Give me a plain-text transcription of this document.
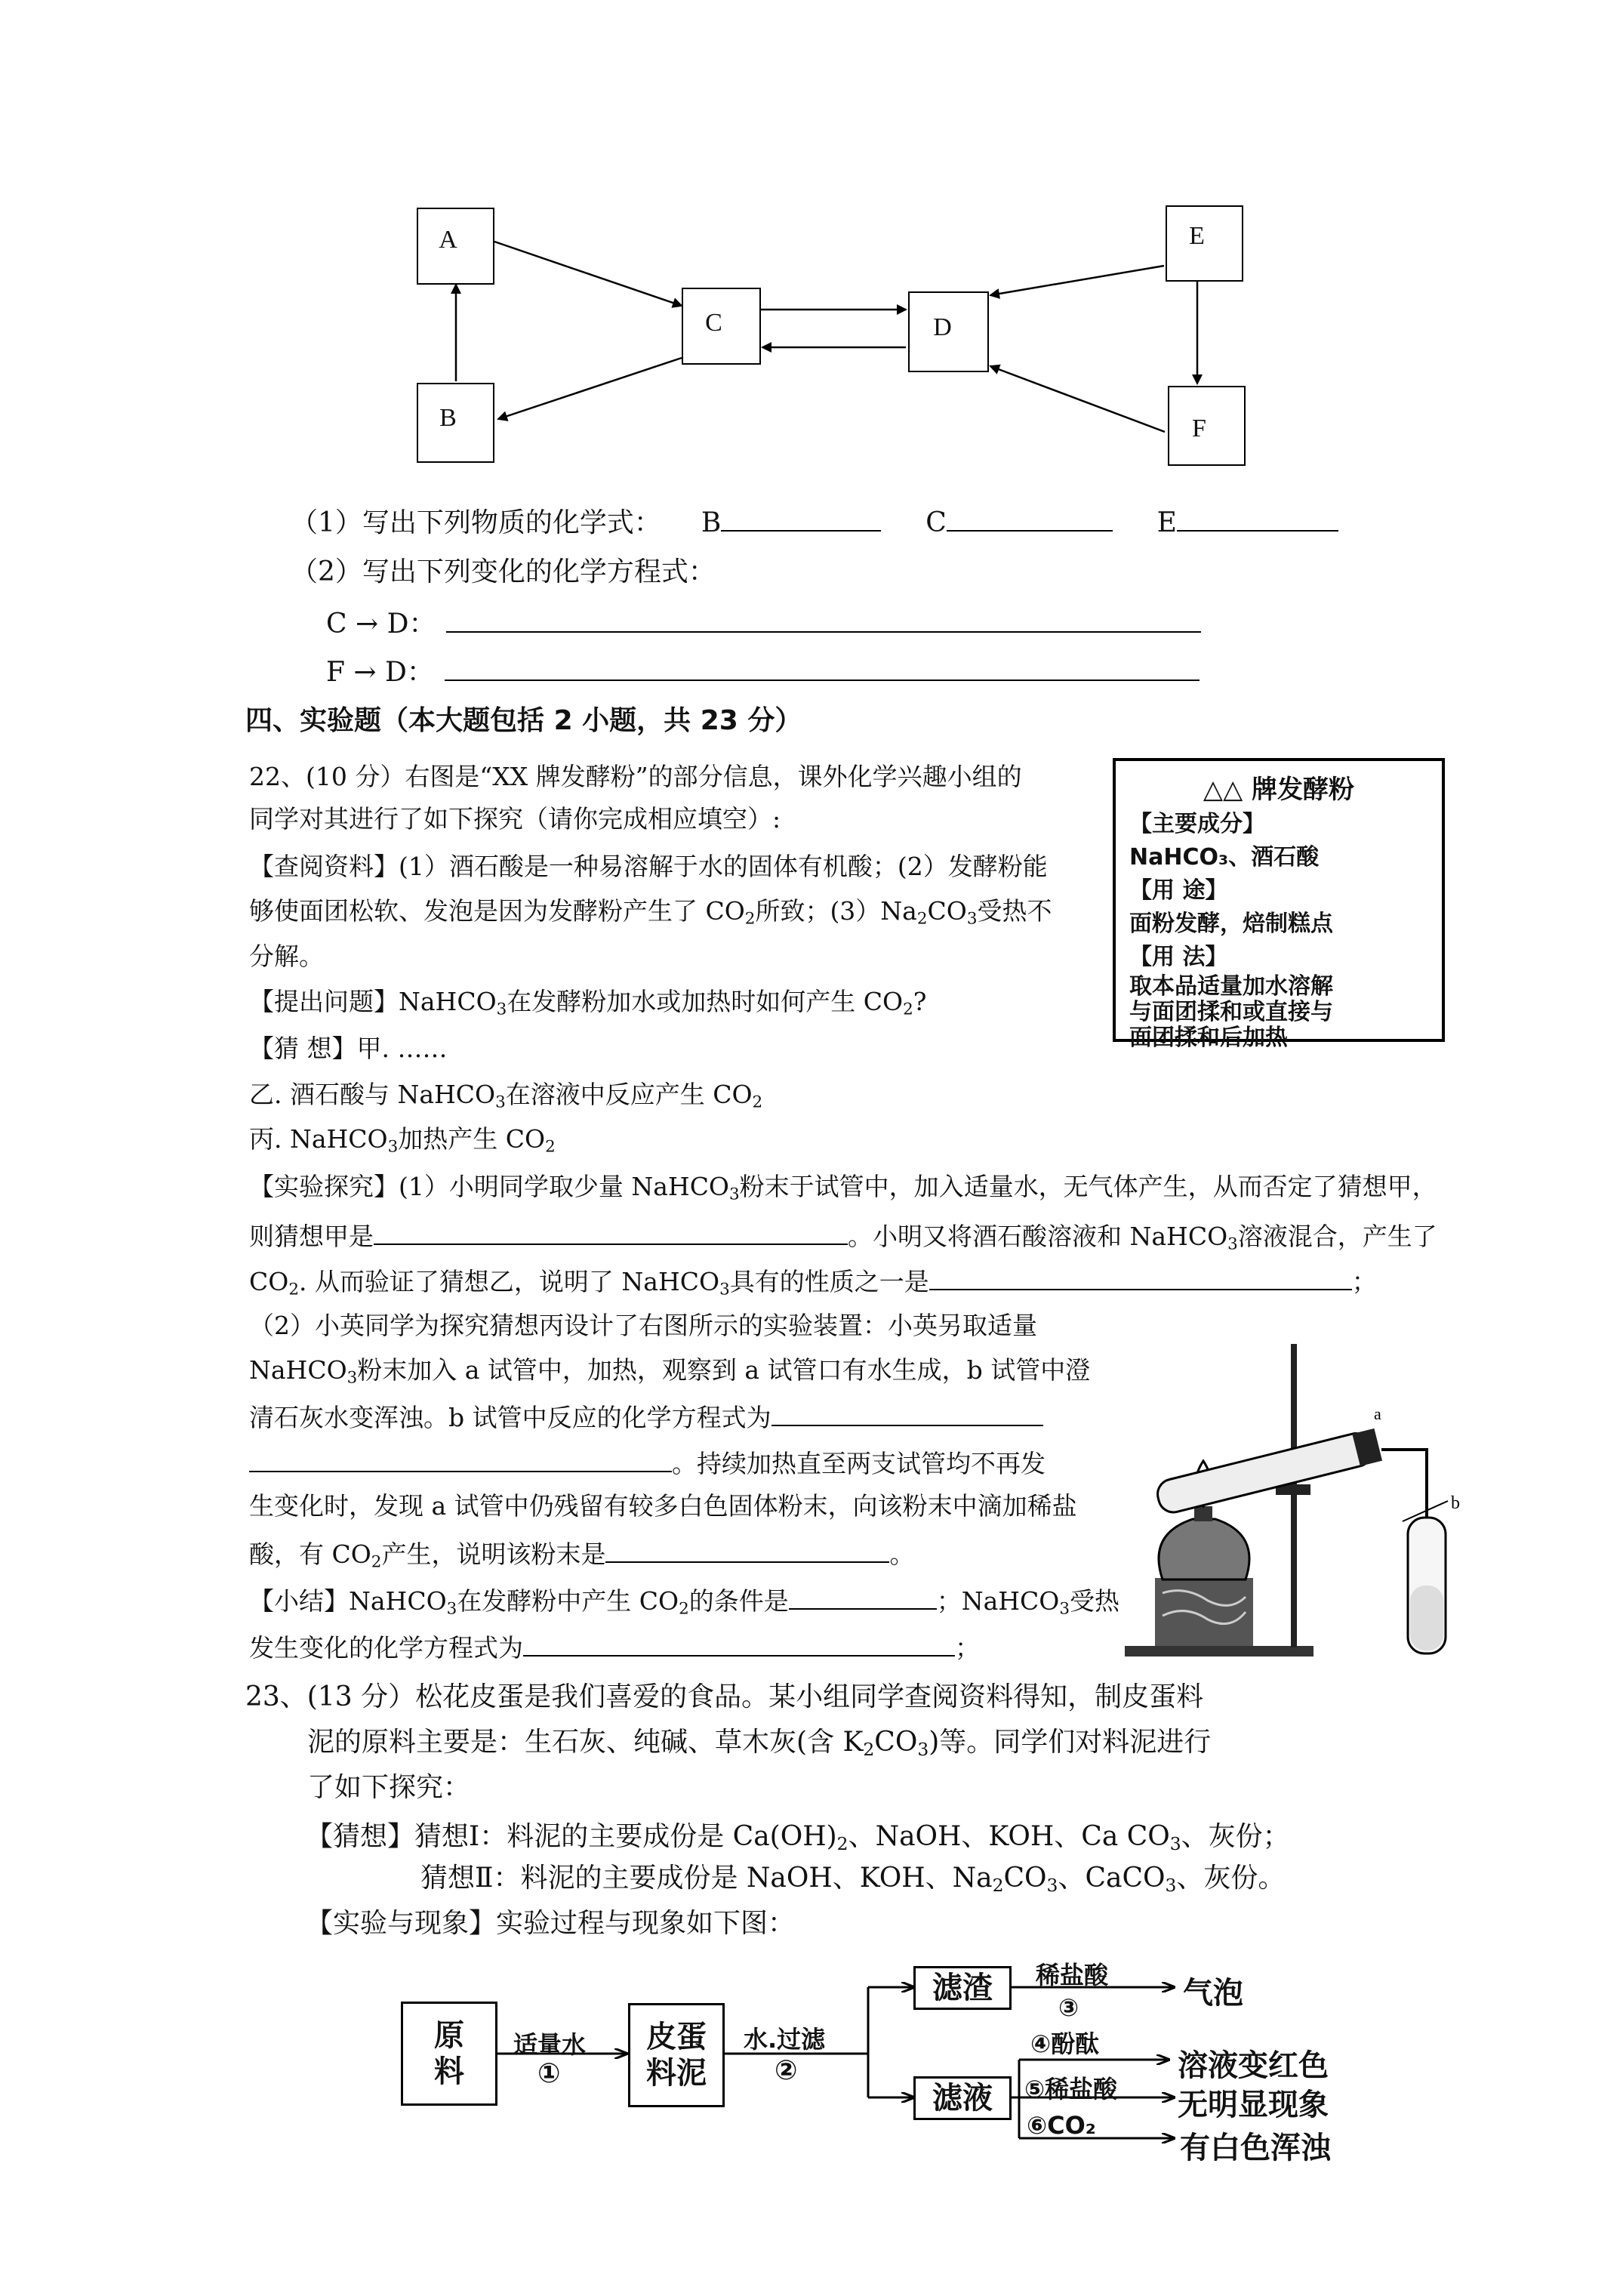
A
B
C	D
E
F
（1）写出下列物质的化学式： B	C	E
（2）写出下列变化的化学方程式：
C → D：
F → D：
四、实验题（本大题包括 2 小题，共 23 分）
22、(10 分）右图是“XX 牌发酵粉”的部分信息，课外化学兴趣小组的
同学对其进行了如下探究（请你完成相应填空）:
【查阅资料】(1）酒石酸是一种易溶解于水的固体有机酸；(2）发酵粉能
够使面团松软、发泡是因为发酵粉产生了 $CO_2$所致；$(3)Na_2CO_3$受热不
分解。
【提出问题】NaHCO$_3$在发酵粉加水或加热时如何产生 $CO_2$?
【猜 想】甲. ……
乙. 酒石酸与 NaHCO$_3$在溶液中反应产生 $CO_2$
丙. NaHCO$_3$加热产生 $CO_2$
【实验探究】(1）小明同学取少量 NaHCO$_3$粉末于试管中，加入适量水，无气体产生，从而否定了猜想甲，
则猜想甲是	。小明又将酒石酸溶液和 NaHCO$_3$溶液混合，产生了
$CO_2$. 从而验证了猜想乙，说明了 NaHCO$_3$具有的性质之一是	；
（2）小英同学为探究猜想丙设计了右图所示的实验装置：小英另取适量
NaHCO$_3$粉末加入 a 试管中，加热，观察到 a 试管口有水生成，b 试管中澄
清石灰水变浑浊。b 试管中反应的化学方程式为
。持续加热直至两支试管均不再发
生变化时，发现 a 试管中仍残留有较多白色固体粉末，向该粉末中滴加稀盐
酸，有 $CO_2$产生，说明该粉末是	。
【小结】NaHCO$_3$在发酵粉中产生 $CO_2$的条件是	；NaHCO$_3$受热
发生变化的化学方程式为	；
△△ 牌发酵粉
【主要成分】
NaHCO₃、酒石酸
【用 途】
面粉发酵，焙制糕点
【用 法】
取本品适量加水溶解
与面团揉和或直接与
面团揉和后加热
a
b
23、(13 分）松花皮蛋是我们喜爱的食品。某小组同学查阅资料得知，制皮蛋料
泥的原料主要是：生石灰、纯碱、草木灰(含 $K_2CO_3$)等。同学们对料泥进行
了如下探究：
【猜想】猜想Ⅰ：料泥的主要成份是 $Ca(OH)_2$、NaOH、KOH、Ca $CO_3$、灰份；
猜想Ⅱ：料泥的主要成份是 NaOH、KOH、$Na_2CO_3$、CaCO$_3$、灰份。
【实验与现象】实验过程与现象如下图：
原
料
皮蛋
料泥
滤渣
滤液
适量水
①
水.过滤
②
稀盐酸
③	气泡
④酚酞
溶液变红色
⑤稀盐酸 无明显现象
⑥CO₂
有白色浑浊
